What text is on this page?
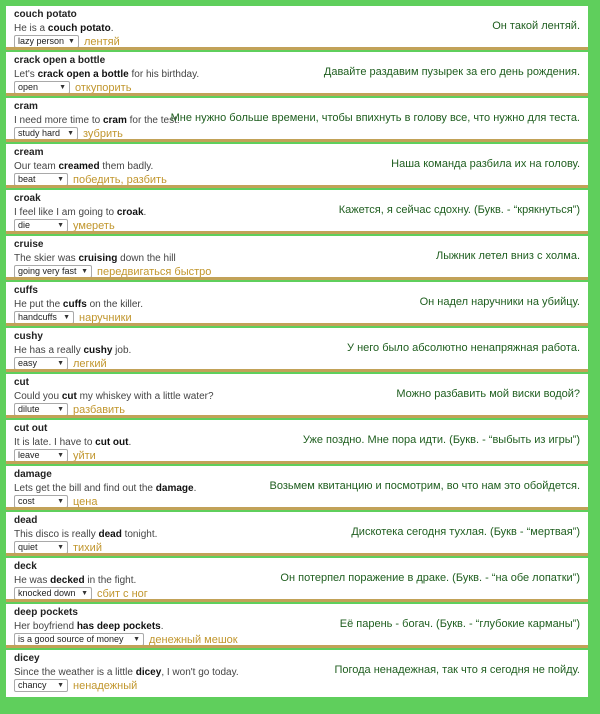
couch potato
He is a couch potato.
lazy person ▼ лентяй
Он такой лентяй.
crack open a bottle
Let's crack open a bottle for his birthday.
open	▼ откупорить
Давайте раздавим пузырек за его день рождения.
cram
I need more time to cram for the test.
study hard ▼ зубрить
Мне нужно больше времени, чтобы впихнуть в голову все, что нужно для теста.
cream
Our team creamed them badly.
beat	▼ победить, разбить
Наша команда разбила их на голову.
croak
I feel like I am going to croak.
die	▼ умереть
Кажется, я сейчас сдохну. (Букв. - “крякнуться”)
cruise
The skier was cruising down the hill
going very fast ▼ передвигаться быстро
Лыжник летел вниз с холма.
cuffs
He put the cuffs on the killer.
handcuffs ▼ наручники
Он надел наручники на убийцу.
cushy
He has a really cushy job.
easy	▼ легкий
У него было абсолютно ненапряжная работа.
cut
Could you cut my whiskey with a little water?
dilute	▼ разбавить
Можно разбавить мой виски водой?
cut out
It is late. I have to cut out.
leave	▼ уйти
Уже поздно. Мне пора идти. (Букв. - “выбыть из игры”)
damage
Lets get the bill and find out the damage.
cost	▼ цена
Возьмем квитанцию и посмотрим, во что нам это обойдется.
dead
This disco is really dead tonight.
quiet	▼ тихий
Дискотека сегодня тухлая. (Букв - “мертвая”)
deck
He was decked in the fight.
knocked down ▼ сбит с ног
Он потерпел поражение в драке. (Букв. - “на обе лопатки”)
deep pockets
Her boyfriend has deep pockets.
is a good source of money ▼ денежный мешок
Её парень - богач. (Букв. - “глубокие карманы”)
dicey
Since the weather is a little dicey, I won't go today.
chancy ▼ ненадежный
Погода ненадежная, так что я сегодня не пойду.
